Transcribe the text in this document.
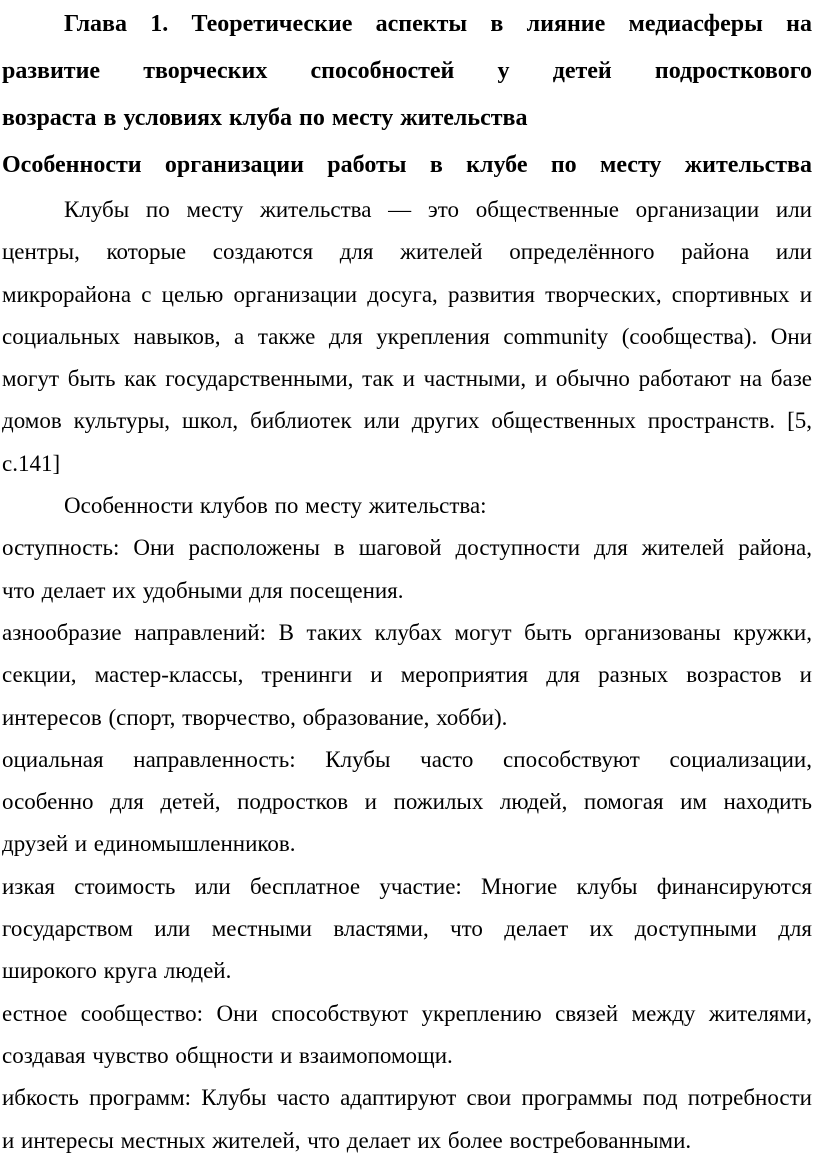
Глава 1. Теоретические аспекты в лияние медиасферы на
развитие творческих способностей у детей подросткового
возраста в условиях клуба по месту жительства
Особенности организации работы в клубе по месту жительства
Клубы по месту жительства — это общественные организации или
центры, которые создаются для жителей определённого района или
микрорайона с целью организации досуга, развития творческих, спортивных и
социальных навыков, а также для укрепления community (сообщества). Они
могут быть как государственными, так и частными, и обычно работают на базе
домов культуры, школ, библиотек или других общественных пространств. [5,
с.141]
Особенности клубов по месту жительства:
оступность: Они расположены в шаговой доступности для жителей района,
что делает их удобными для посещения.
азнообразие направлений: В таких клубах могут быть организованы кружки,
секции, мастер-классы, тренинги и мероприятия для разных возрастов и
интересов (спорт, творчество, образование, хобби).
оциальная направленность: Клубы часто способствуют социализации,
особенно для детей, подростков и пожилых людей, помогая им находить
друзей и единомышленников.
изкая стоимость или бесплатное участие: Многие клубы финансируются
государством или местными властями, что делает их доступными для
широкого круга людей.
естное сообщество: Они способствуют укреплению связей между жителями,
создавая чувство общности и взаимопомощи.
ибкость программ: Клубы часто адаптируют свои программы под потребности
и интересы местных жителей, что делает их более востребованными.
